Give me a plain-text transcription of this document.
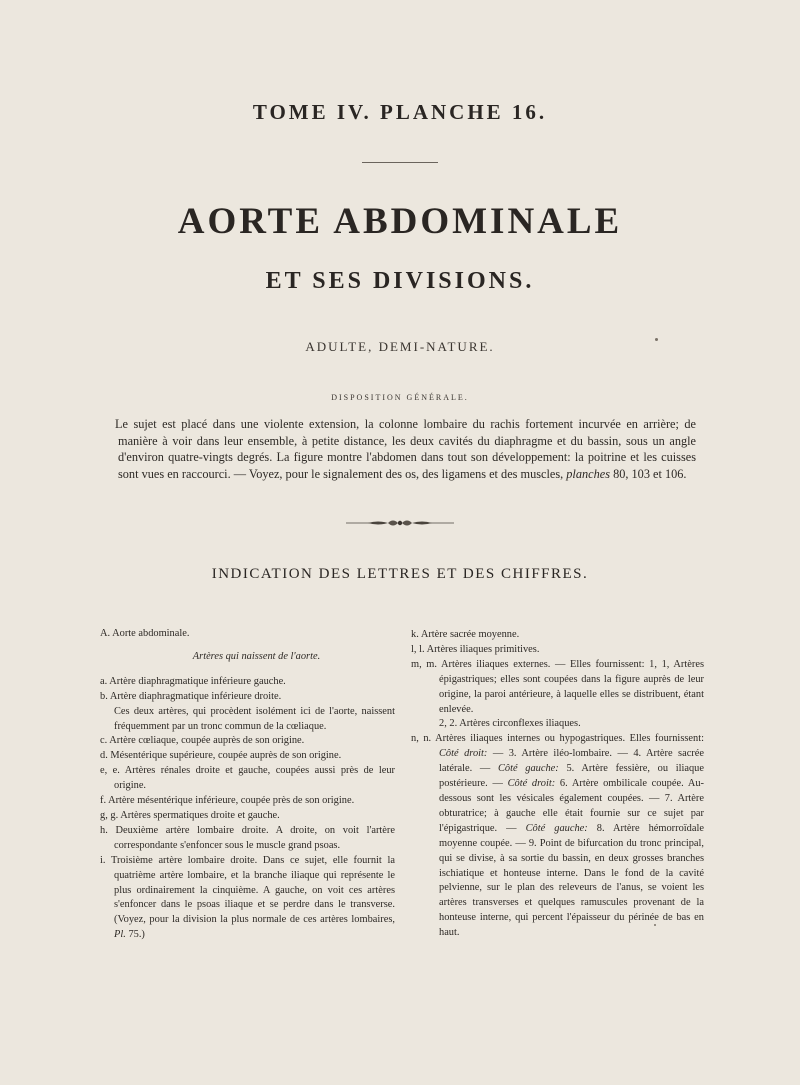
TOME IV. PLANCHE 16.
AORTE ABDOMINALE
ET SES DIVISIONS.
ADULTE, DEMI-NATURE.
DISPOSITION GÉNÉRALE.
Le sujet est placé dans une violente extension, la colonne lombaire du rachis fortement incurvée en arrière; de manière à voir dans leur ensemble, à petite distance, les deux cavités du diaphragme et du bassin, sous un angle d'environ quatre-vingts degrés. La figure montre l'abdomen dans tout son développement: la poitrine et les cuisses sont vues en raccourci. — Voyez, pour le signalement des os, des ligamens et des muscles, planches 80, 103 et 106.
INDICATION DES LETTRES ET DES CHIFFRES.
A. Aorte abdominale.
Artères qui naissent de l'aorte.
a. Artère diaphragmatique inférieure gauche.
b. Artère diaphragmatique inférieure droite.
Ces deux artères, qui procèdent isolément ici de l'aorte, naissent fréquemment par un tronc commun de la cœliaque.
c. Artère cœliaque, coupée auprès de son origine.
d. Mésentérique supérieure, coupée auprès de son origine.
e, e. Artères rénales droite et gauche, coupées aussi près de leur origine.
f. Artère mésentérique inférieure, coupée près de son origine.
g, g. Artères spermatiques droite et gauche.
h. Deuxième artère lombaire droite. A droite, on voit l'artère correspondante s'enfoncer sous le muscle grand psoas.
i. Troisième artère lombaire droite. Dans ce sujet, elle fournit la quatrième artère lombaire, et la branche iliaque qui représente le plus ordinairement la cinquième. A gauche, on voit ces artères s'enfoncer dans le psoas iliaque et se perdre dans le transverse. (Voyez, pour la division la plus normale de ces artères lombaires, Pl. 75.)
k. Artère sacrée moyenne.
l, l. Artères iliaques primitives.
m, m. Artères iliaques externes. — Elles fournissent: 1, 1, Artères épigastriques; elles sont coupées dans la figure auprès de leur origine, la paroi antérieure, à laquelle elles se distribuent, étant enlevée.
2, 2. Artères circonflexes iliaques.
n, n. Artères iliaques internes ou hypogastriques. Elles fournissent: Côté droit: — 3. Artère iléo-lombaire. — 4. Artère sacrée latérale. — Côté gauche: 5. Artère fessière, ou iliaque postérieure. — Côté droit: 6. Artère ombilicale coupée. Au-dessous sont les vésicales également coupées. — 7. Artère obturatrice; à gauche elle était fournie sur ce sujet par l'épigastrique. — Côté gauche: 8. Artère hémorroïdale moyenne coupée. — 9. Point de bifurcation du tronc principal, qui se divise, à sa sortie du bassin, en deux grosses branches ischiatique et honteuse interne. Dans le fond de la cavité pelvienne, sur le plan des releveurs de l'anus, se voient les artères transverses et quelques ramuscules provenant de la honteuse interne, qui percent l'épaisseur du périnée de bas en haut.
